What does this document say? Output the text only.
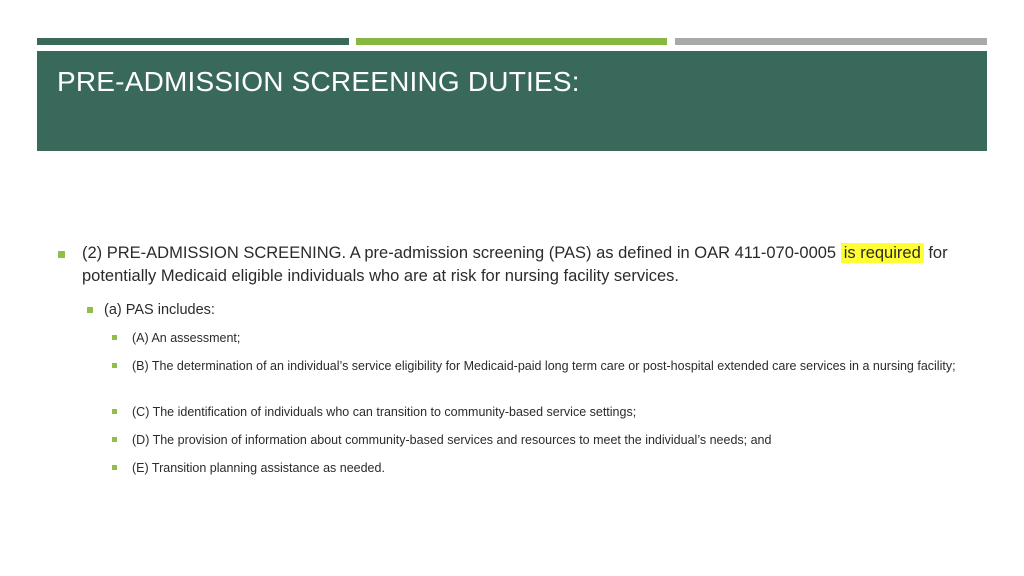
PRE-ADMISSION SCREENING DUTIES:
(2) PRE-ADMISSION SCREENING. A pre-admission screening (PAS) as defined in OAR 411-070-0005 is required for potentially Medicaid eligible individuals who are at risk for nursing facility services.
(a) PAS includes:
(A) An assessment;
(B) The determination of an individual’s service eligibility for Medicaid-paid long term care or post-hospital extended care services in a nursing facility;
(C) The identification of individuals who can transition to community-based service settings;
(D) The provision of information about community-based services and resources to meet the individual’s needs; and
(E) Transition planning assistance as needed.
